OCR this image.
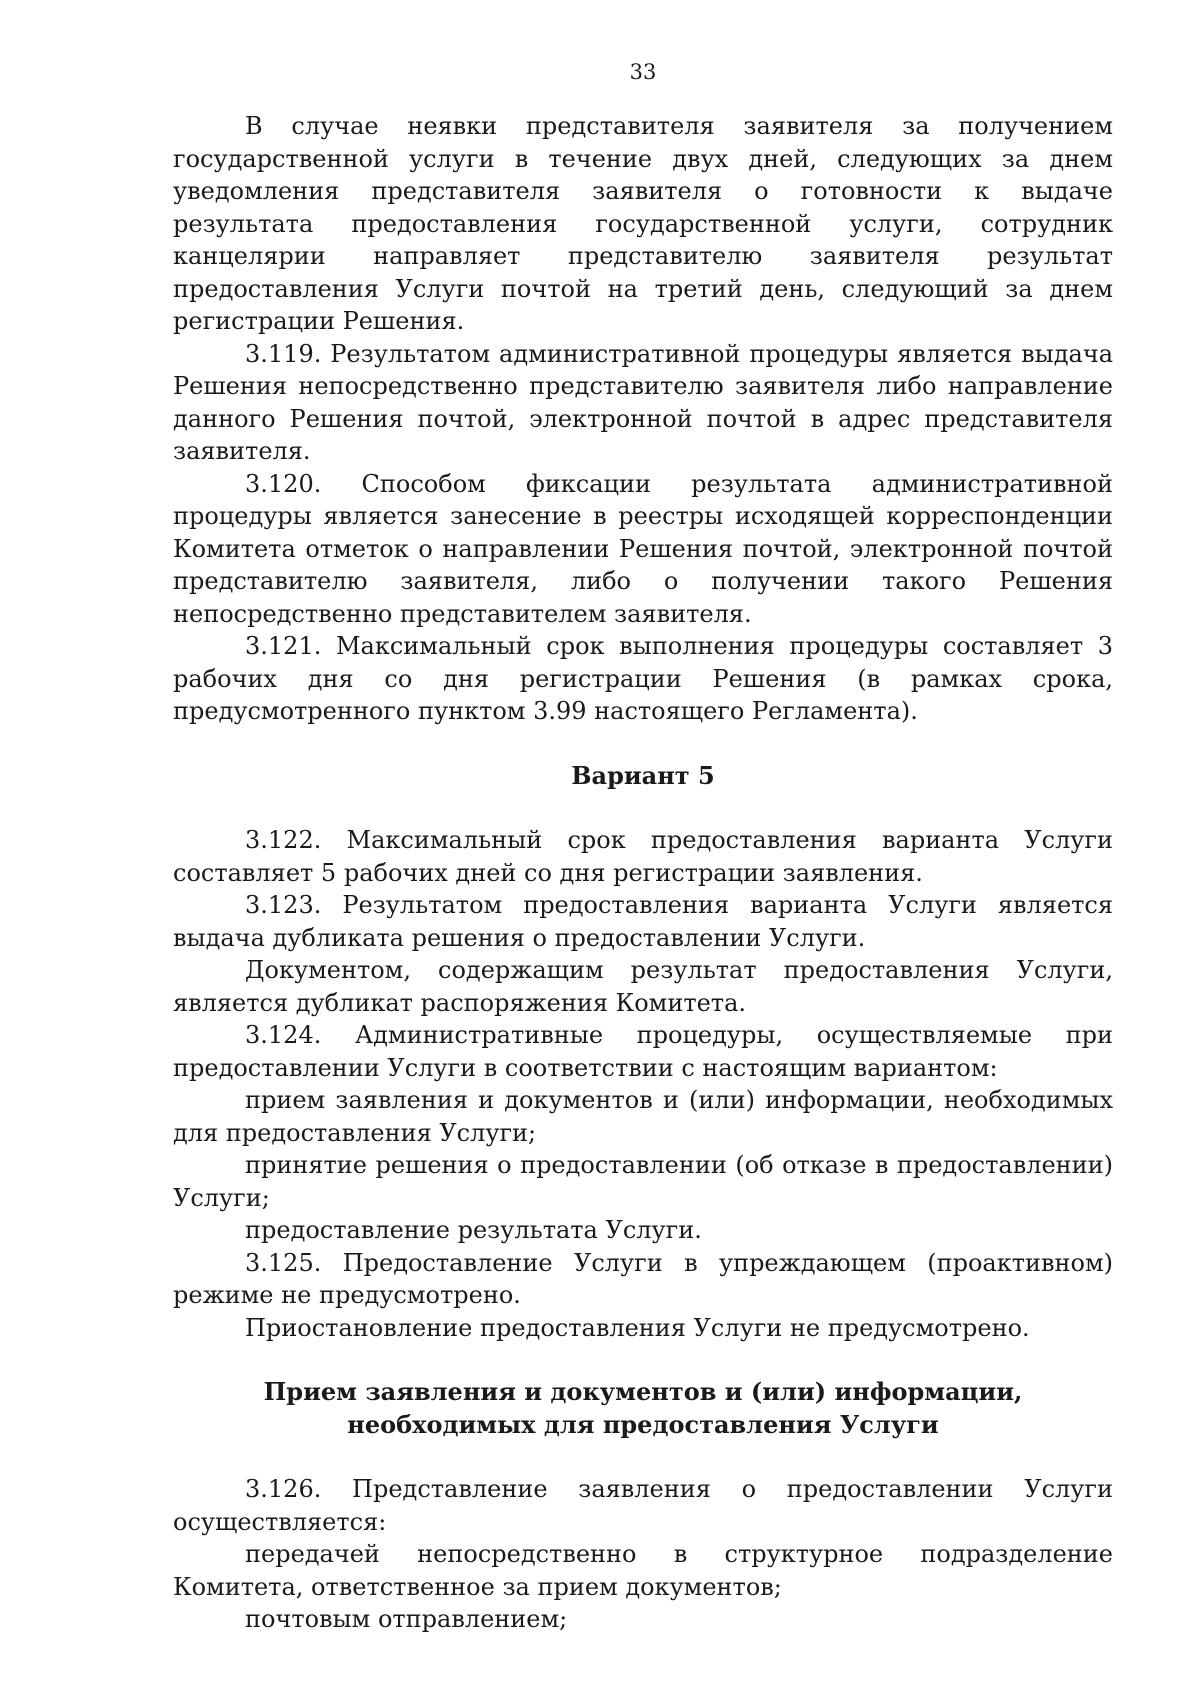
33

В случае неявки представителя заявителя за получением государственной услуги в течение двух дней, следующих за днем уведомления представителя заявителя о готовности к выдаче результата предоставления государственной услуги, сотрудник канцелярии направляет представителю заявителя результат предоставления Услуги почтой на третий день, следующий за днем регистрации Решения.

3.119. Результатом административной процедуры является выдача Решения непосредственно представителю заявителя либо направление данного Решения почтой, электронной почтой в адрес представителя заявителя.

3.120. Способом фиксации результата административной процедуры является занесение в реестры исходящей корреспонденции Комитета отметок о направлении Решения почтой, электронной почтой представителю заявителя, либо о получении такого Решения непосредственно представителем заявителя.

3.121. Максимальный срок выполнения процедуры составляет 3 рабочих дня со дня регистрации Решения (в рамках срока, предусмотренного пунктом 3.99 настоящего Регламента).

Вариант 5

3.122. Максимальный срок предоставления варианта Услуги составляет 5 рабочих дней со дня регистрации заявления.

3.123. Результатом предоставления варианта Услуги является выдача дубликата решения о предоставлении Услуги.

Документом, содержащим результат предоставления Услуги, является дубликат распоряжения Комитета.

3.124. Административные процедуры, осуществляемые при предоставлении Услуги в соответствии с настоящим вариантом:

прием заявления и документов и (или) информации, необходимых для предоставления Услуги;

принятие решения о предоставлении (об отказе в предоставлении) Услуги;

предоставление результата Услуги.

3.125. Предоставление Услуги в упреждающем (проактивном) режиме не предусмотрено.

Приостановление предоставления Услуги не предусмотрено.

Прием заявления и документов и (или) информации,
необходимых для предоставления Услуги

3.126. Представление заявления о предоставлении Услуги осуществляется:

передачей непосредственно в структурное подразделение Комитета, ответственное за прием документов;

почтовым отправлением;
